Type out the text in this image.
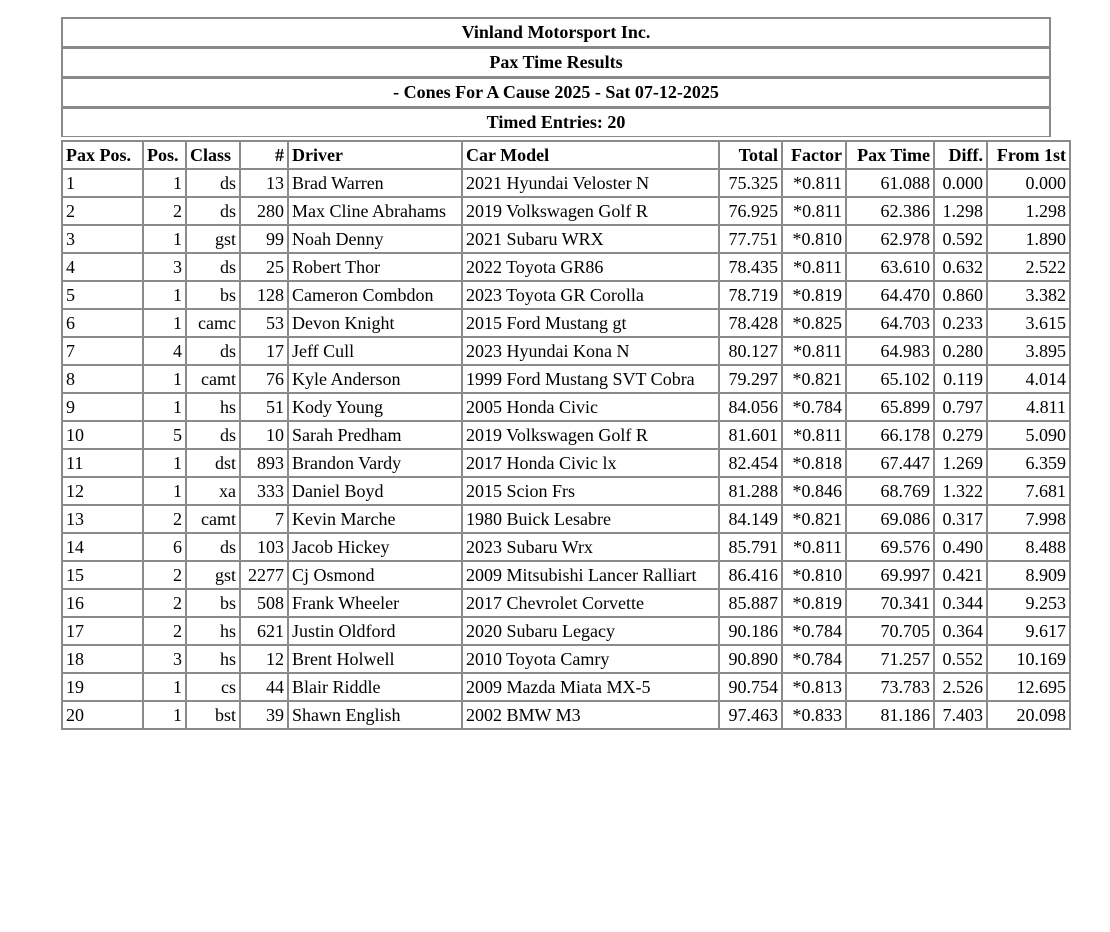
Vinland Motorsport Inc.
Pax Time Results
- Cones For A Cause 2025 - Sat 07-12-2025
Timed Entries: 20
Pax Pos.	Pos.	Class	#	Driver	Car Model	Total	Factor	Pax Time	Diff.	From 1st
1	1	ds	13	Brad Warren	2021 Hyundai Veloster N	75.325	*0.811	61.088	0.000	0.000
2	2	ds	280	Max Cline Abrahams	2019 Volkswagen Golf R	76.925	*0.811	62.386	1.298	1.298
3	1	gst	99	Noah Denny	2021 Subaru WRX	77.751	*0.810	62.978	0.592	1.890
4	3	ds	25	Robert Thor	2022 Toyota GR86	78.435	*0.811	63.610	0.632	2.522
5	1	bs	128	Cameron Combdon	2023 Toyota GR Corolla	78.719	*0.819	64.470	0.860	3.382
6	1	camc	53	Devon Knight	2015 Ford Mustang gt	78.428	*0.825	64.703	0.233	3.615
7	4	ds	17	Jeff Cull	2023 Hyundai Kona N	80.127	*0.811	64.983	0.280	3.895
8	1	camt	76	Kyle Anderson	1999 Ford Mustang SVT Cobra	79.297	*0.821	65.102	0.119	4.014
9	1	hs	51	Kody Young	2005 Honda Civic	84.056	*0.784	65.899	0.797	4.811
10	5	ds	10	Sarah Predham	2019 Volkswagen Golf R	81.601	*0.811	66.178	0.279	5.090
11	1	dst	893	Brandon Vardy	2017 Honda Civic lx	82.454	*0.818	67.447	1.269	6.359
12	1	xa	333	Daniel Boyd	2015 Scion Frs	81.288	*0.846	68.769	1.322	7.681
13	2	camt	7	Kevin Marche	1980 Buick Lesabre	84.149	*0.821	69.086	0.317	7.998
14	6	ds	103	Jacob Hickey	2023 Subaru Wrx	85.791	*0.811	69.576	0.490	8.488
15	2	gst	2277	Cj Osmond	2009 Mitsubishi Lancer Ralliart	86.416	*0.810	69.997	0.421	8.909
16	2	bs	508	Frank Wheeler	2017 Chevrolet Corvette	85.887	*0.819	70.341	0.344	9.253
17	2	hs	621	Justin Oldford	2020 Subaru Legacy	90.186	*0.784	70.705	0.364	9.617
18	3	hs	12	Brent Holwell	2010 Toyota Camry	90.890	*0.784	71.257	0.552	10.169
19	1	cs	44	Blair Riddle	2009 Mazda Miata MX-5	90.754	*0.813	73.783	2.526	12.695
20	1	bst	39	Shawn English	2002 BMW M3	97.463	*0.833	81.186	7.403	20.098
